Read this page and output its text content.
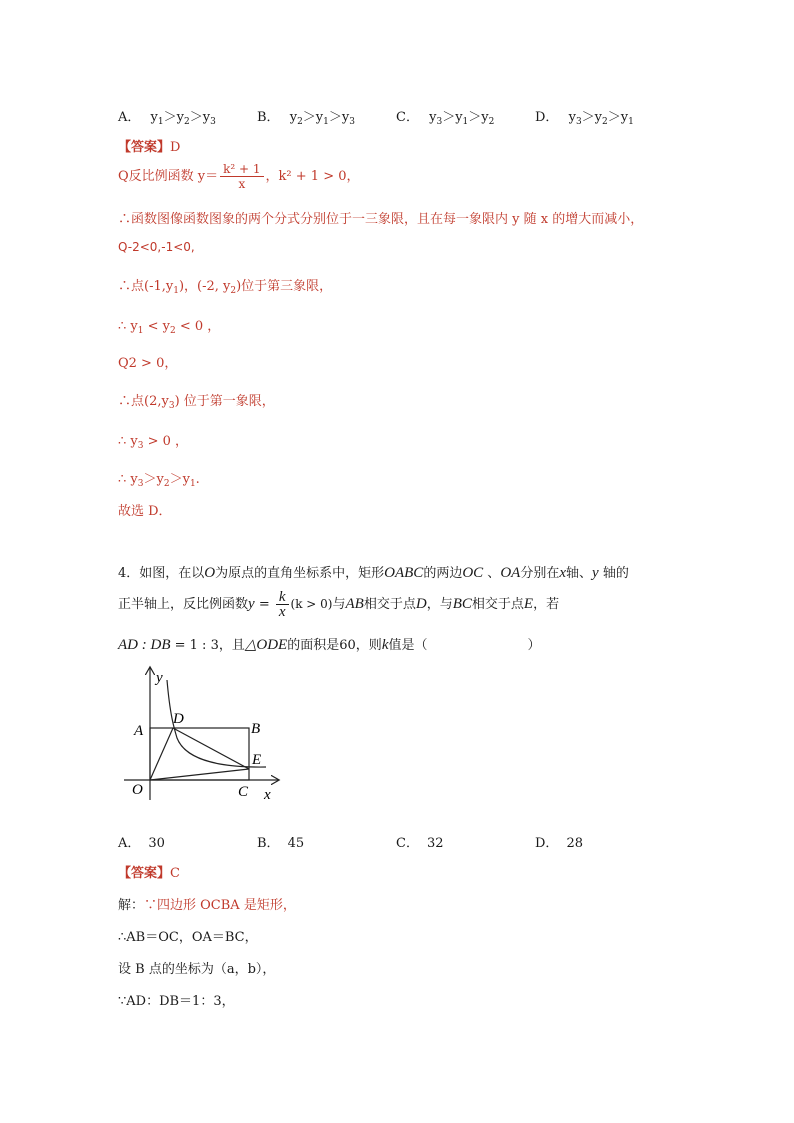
A． $y_1>y_2>y_3$	B． $y_2>y_1>y_3$	C． $y_3>y_1>y_2$	D． $y_3>y_2>y_1$
【答案】D
Q反比例函数 $y= \frac{\text{k² + 1}}{x}$ ，k² + 1 > 0，
∴函数图像函数图象的两个分式分别位于一三象限，且在每一象限内 y 随 x 的增大而减小，
Q-2<0,-1<0,
∴点$(-1,y_1)$，(-2, $y_2$)位于第三象限，
∴ $y_1 < y_2 < 0$ ，
Q2 > 0，
∴点$(2,y_3)$ 位于第一象限，
∴ $y_3 > 0$ ，
∴ $y_3>y_2>y_1$.
故选 D．
4．如图，在以O为原点的直角坐标系中，矩形OABC的两边OC 、OA分别在x轴、y 轴的
正半轴上，反比例函数$y = \frac{k}{x} (k > 0)$与AB相交于点D，与BC相交于点E，若
AD : DB = 1 : 3，且△ODE的面积是60，则k值是（	）
y
A
D
B
E
O	C x
A． 30	B． 45	C． 32	D． 28
【答案】C
解：∵四边形 OCBA 是矩形，
∴AB＝OC，OA＝BC，
设 B 点的坐标为（a，b），
∵AD：DB＝1：3，
